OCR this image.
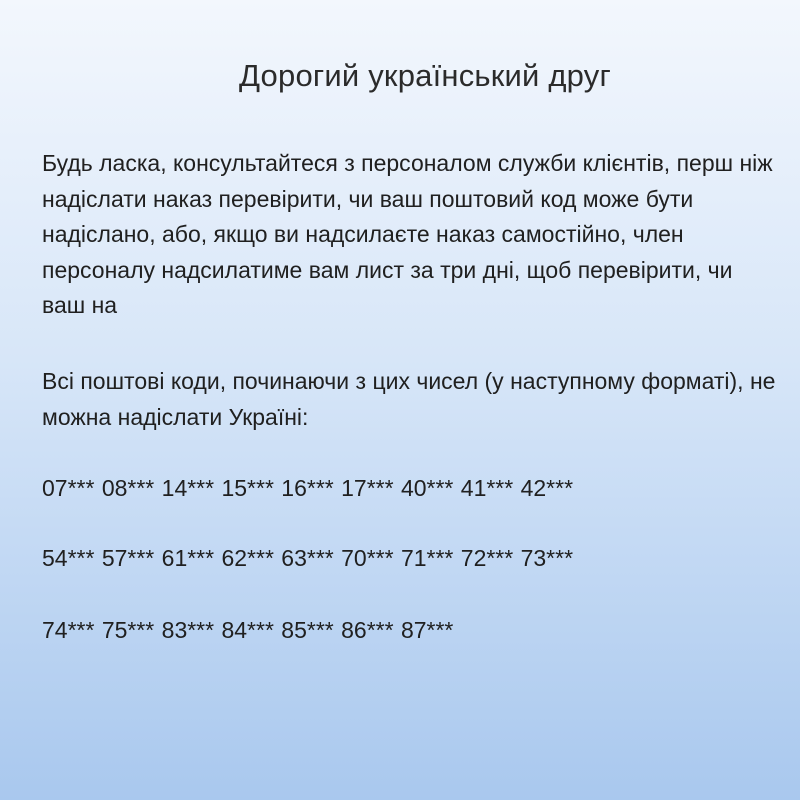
Дорогий український друг

Будь ласка, консультайтеся з персоналом служби клієнтів, перш ніж надіслати наказ перевірити, чи ваш поштовий код може бути надіслано, або, якщо ви надсилаєте наказ самостійно, член персоналу надсилатиме вам лист за три дні, щоб перевірити, чи ваш на

Всі поштові коди, починаючи з цих чисел (у наступному форматі), не можна надіслати Україні:

07*** 08*** 14*** 15*** 16*** 17*** 40*** 41*** 42***

54*** 57*** 61*** 62*** 63*** 70*** 71*** 72*** 73***

74*** 75*** 83*** 84*** 85*** 86*** 87***
